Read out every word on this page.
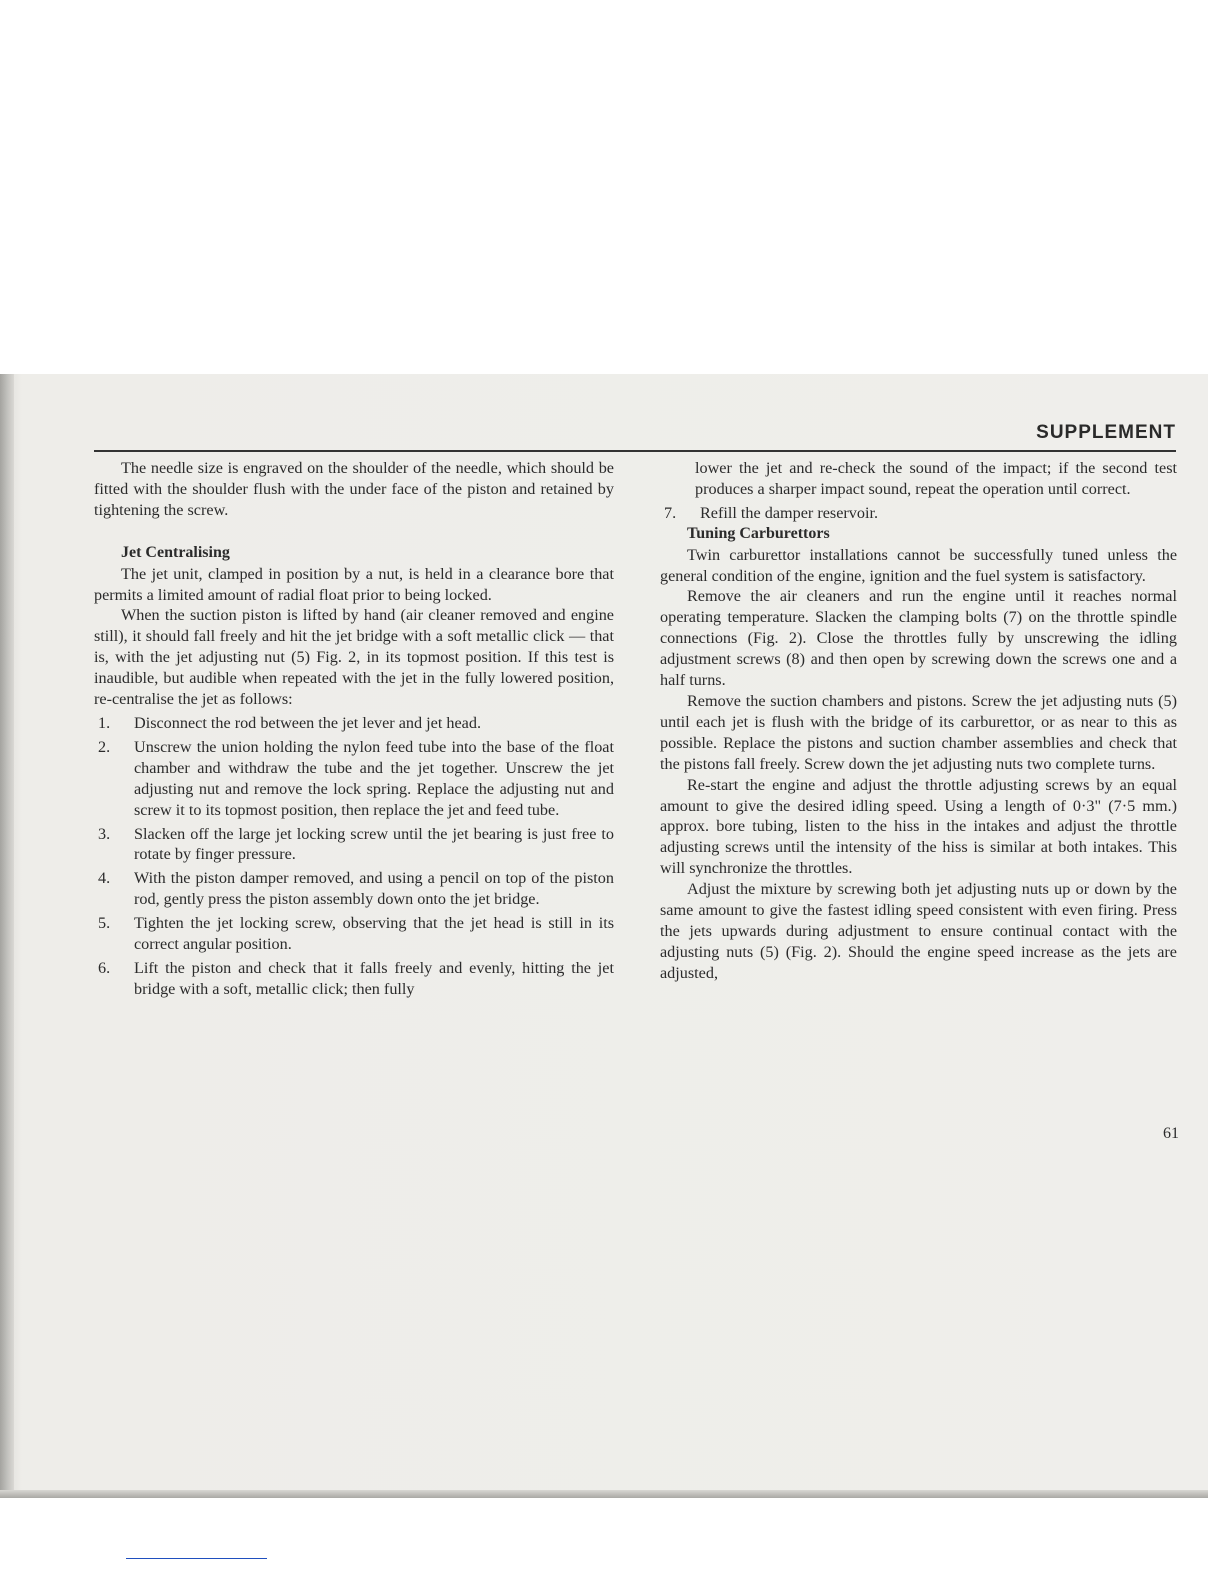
SUPPLEMENT

The needle size is engraved on the shoulder of the needle, which should be fitted with the shoulder flush with the under face of the piston and retained by tightening the screw.

Jet Centralising

The jet unit, clamped in position by a nut, is held in a clearance bore that permits a limited amount of radial float prior to being locked.

When the suction piston is lifted by hand (air cleaner removed and engine still), it should fall freely and hit the jet bridge with a soft metallic click — that is, with the jet adjusting nut (5) Fig. 2, in its topmost position. If this test is inaudible, but audible when repeated with the jet in the fully lowered position, re-centralise the jet as follows:

1. Disconnect the rod between the jet lever and jet head.
2. Unscrew the union holding the nylon feed tube into the base of the float chamber and withdraw the tube and the jet together. Unscrew the jet adjusting nut and remove the lock spring. Replace the adjusting nut and screw it to its topmost position, then replace the jet and feed tube.
3. Slacken off the large jet locking screw until the jet bearing is just free to rotate by finger pressure.
4. With the piston damper removed, and using a pencil on top of the piston rod, gently press the piston assembly down onto the jet bridge.
5. Tighten the jet locking screw, observing that the jet head is still in its correct angular position.
6. Lift the piston and check that it falls freely and evenly, hitting the jet bridge with a soft, metallic click; then fully

lower the jet and re-check the sound of the impact; if the second test produces a sharper impact sound, repeat the operation until correct.

7. Refill the damper reservoir.

Tuning Carburettors

Twin carburettor installations cannot be successfully tuned unless the general condition of the engine, ignition and the fuel system is satisfactory.

Remove the air cleaners and run the engine until it reaches normal operating temperature. Slacken the clamping bolts (7) on the throttle spindle connections (Fig. 2). Close the throttles fully by unscrewing the idling adjustment screws (8) and then open by screwing down the screws one and a half turns.

Remove the suction chambers and pistons. Screw the jet adjusting nuts (5) until each jet is flush with the bridge of its carburettor, or as near to this as possible. Replace the pistons and suction chamber assemblies and check that the pistons fall freely. Screw down the jet adjusting nuts two complete turns.

Re-start the engine and adjust the throttle adjusting screws by an equal amount to give the desired idling speed. Using a length of 0·3" (7·5 mm.) approx. bore tubing, listen to the hiss in the intakes and adjust the throttle adjusting screws until the intensity of the hiss is similar at both intakes. This will synchronize the throttles.

Adjust the mixture by screwing both jet adjusting nuts up or down by the same amount to give the fastest idling speed consistent with even firing. Press the jets upwards during adjustment to ensure continual contact with the adjusting nuts (5) (Fig. 2). Should the engine speed increase as the jets are adjusted,

61
